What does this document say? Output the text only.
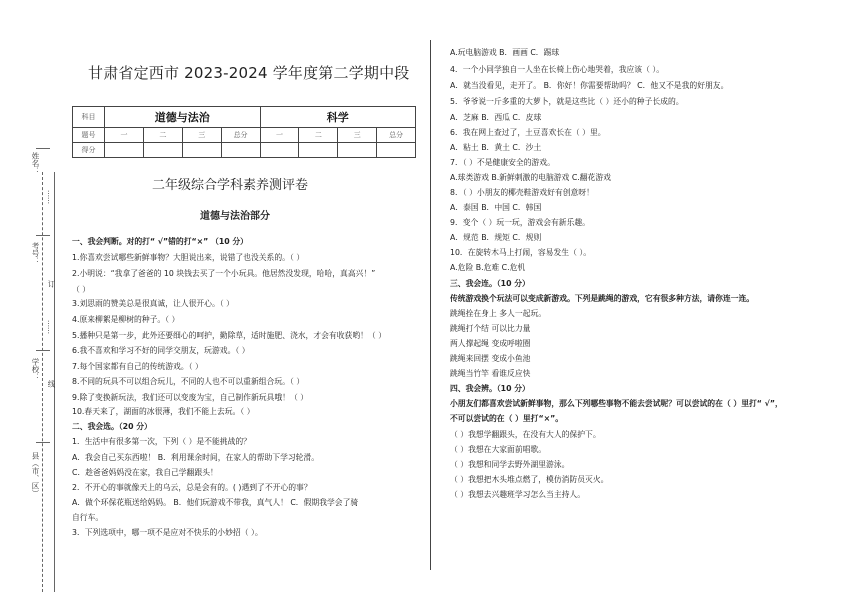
姓名：
考号：
……
订
……
线
学校：
县（市、区）
甘肃省定西市 2023-2024 学年度第二学期中段
科目	道德与法治				科学			
题号	一	二	三	总分	一	二	三	总分
得分								
二年级综合学科素养测评卷
道德与法治部分
一、我会判断。对的打“ √”错的打“×” （10 分）
1.你喜欢尝试哪些新鲜事物？大胆说出来，说错了也没关系的。（ ）
2.小明说：“我拿了爸爸的 10 块钱去买了一个小玩具。他居然没发现，哈哈，真高兴！”
（ ）
3.刘思雨的赞美总是很真诚，让人很开心。（ ）
4.原来柳絮是柳树的种子。（ ）
5.播种只是第一步，此外还要细心的呵护，勤除草，适时施肥、浇水，才会有收获哟！（ ）
6.我不喜欢和学习不好的同学交朋友，玩游戏。（ ）
7.每个国家都有自己的传统游戏。（ ）
8.不同的玩具不可以组合玩儿，不同的人也不可以重新组合玩。（ ）
9.除了变换新玩法，我们还可以变废为宝，自己制作新玩具哦！（ ）
10.春天来了，湖面的冰很薄，我们不能上去玩。（ ）
二、我会选。（20 分）
1．生活中有很多第一次，下列（ ）是不能挑战的？
A．我会自己买东西啦！ B．利用课余时间，在家人的帮助下学习轮滑。
C．趁爸爸妈妈没在家，我自己学翻跟头！
2．不开心的事就像天上的乌云，总是会有的。( )遇到了不开心的事？
A．做个环保花瓶送给妈妈。 B．他们玩游戏不带我，真气人！ C．假期我学会了骑
自行车。
3．下列选项中，哪一项不是应对不快乐的小妙招（ ）。
A.玩电脑游戏 B．画画 C．踢球
4．一个小同学独自一人坐在长椅上伤心地哭着，我应该（ ）。
A．就当没看见，走开了。 B．你好！你需要帮助吗？ C．他又不是我的好朋友。
5．爷爷说一斤多重的大萝卜，就是这些比（ ）还小的种子长成的。
A．芝麻 B．西瓜 C．皮球
6．我在网上查过了，土豆喜欢长在（ ）里。
A．粘土 B．黄土 C．沙土
7．（ ）不是健康安全的游戏。
A.球类游戏 B.新鲜刺激的电脑游戏 C.翻花游戏
8．（ ）小朋友的椰壳鞋游戏好有创意呀！
A．泰国 B．中国 C．韩国
9．变个（ ）玩一玩，游戏会有新乐趣。
A．规范 B．规矩 C．规则
10．在旋转木马上打闹，容易发生（ ）。
A.危险 B.危难 C.危机
三、我会连。（10 分）
传统游戏换个玩法可以变成新游戏。下列是跳绳的游戏，它有很多种方法，请你连一连。
跳绳拴在身上 多人一起玩。
跳绳打个结 可以比力量
两人撑起绳 变成呼啦圈
跳绳来回摆 变成小鱼池
跳绳当竹竿 看谁反应快
四、我会辨。（10 分）
小朋友们都喜欢尝试新鲜事物，那么下列哪些事物不能去尝试呢？可以尝试的在（ ）里打“ √”，
不可以尝试的在（ ）里打“×”。
（ ）我想学翻跟头，在没有大人的保护下。
（ ）我想在大家面前唱歌。
（ ）我想和同学去野外湖里游泳。
（ ）我想把木头堆点燃了，模仿消防员灭火。
（ ）我想去兴趣班学习怎么当主持人。
